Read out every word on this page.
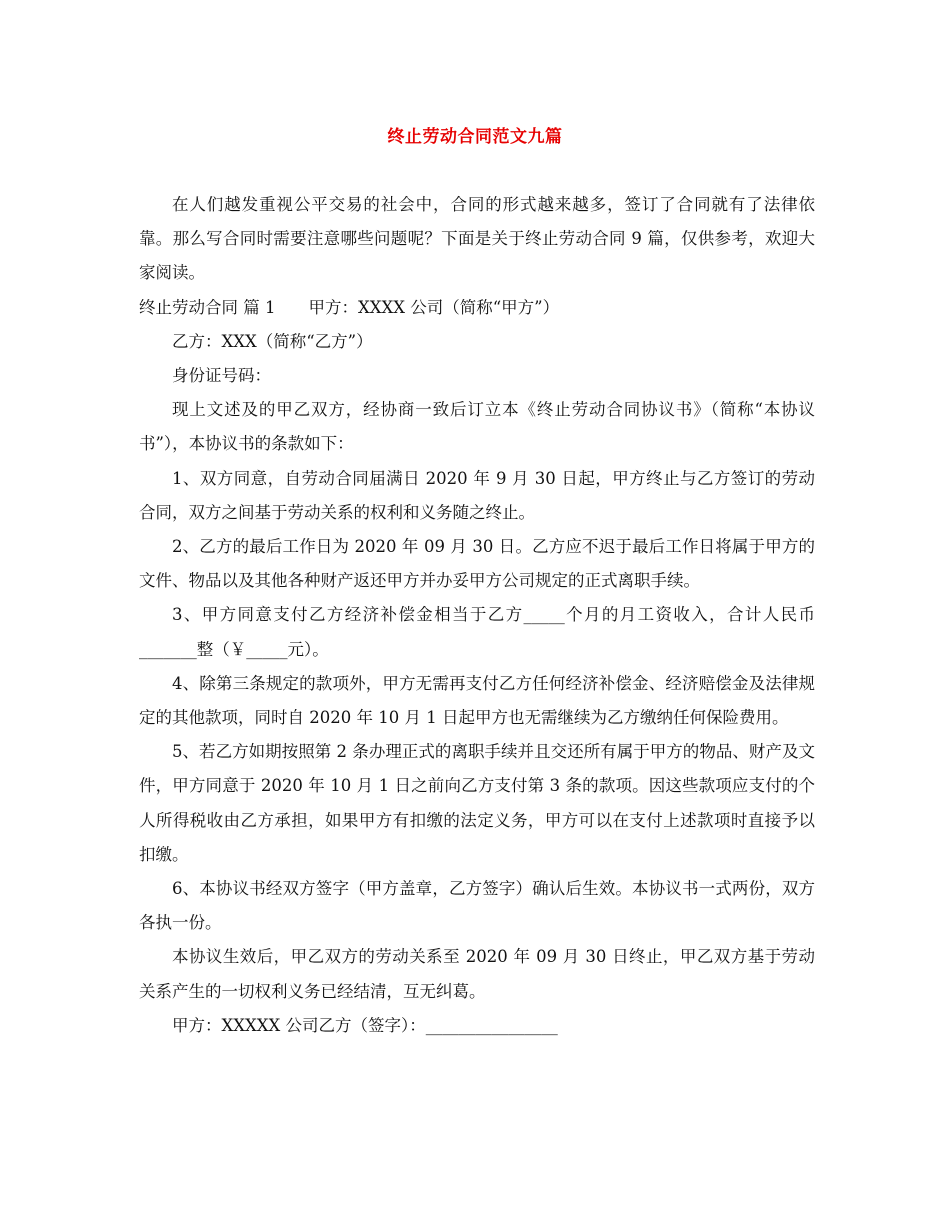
终止劳动合同范文九篇

在人们越发重视公平交易的社会中，合同的形式越来越多，签订了合同就有了法律依靠。那么写合同时需要注意哪些问题呢？下面是关于终止劳动合同 9 篇，仅供参考，欢迎大家阅读。

终止劳动合同 篇 1　　甲方：XXXX 公司（简称“甲方”）

乙方：XXX（简称“乙方”）

身份证号码：

现上文述及的甲乙双方，经协商一致后订立本《终止劳动合同协议书》（简称“本协议书”），本协议书的条款如下：

1、双方同意，自劳动合同届满日 2020 年 9 月 30 日起，甲方终止与乙方签订的劳动合同，双方之间基于劳动关系的权利和义务随之终止。

2、乙方的最后工作日为 2020 年 09 月 30 日。乙方应不迟于最后工作日将属于甲方的文件、物品以及其他各种财产返还甲方并办妥甲方公司规定的正式离职手续。

3、甲方同意支付乙方经济补偿金相当于乙方_____个月的月工资收入，合计人民币_______整（￥_____元）。

4、除第三条规定的款项外，甲方无需再支付乙方任何经济补偿金、经济赔偿金及法律规定的其他款项，同时自 2020 年 10 月 1 日起甲方也无需继续为乙方缴纳任何保险费用。

5、若乙方如期按照第 2 条办理正式的离职手续并且交还所有属于甲方的物品、财产及文件，甲方同意于 2020 年 10 月 1 日之前向乙方支付第 3 条的款项。因这些款项应支付的个人所得税收由乙方承担，如果甲方有扣缴的法定义务，甲方可以在支付上述款项时直接予以扣缴。

6、本协议书经双方签字（甲方盖章，乙方签字）确认后生效。本协议书一式两份，双方各执一份。

本协议生效后，甲乙双方的劳动关系至 2020 年 09 月 30 日终止，甲乙双方基于劳动关系产生的一切权利义务已经结清，互无纠葛。

甲方：XXXXX 公司乙方（签字）：________________
